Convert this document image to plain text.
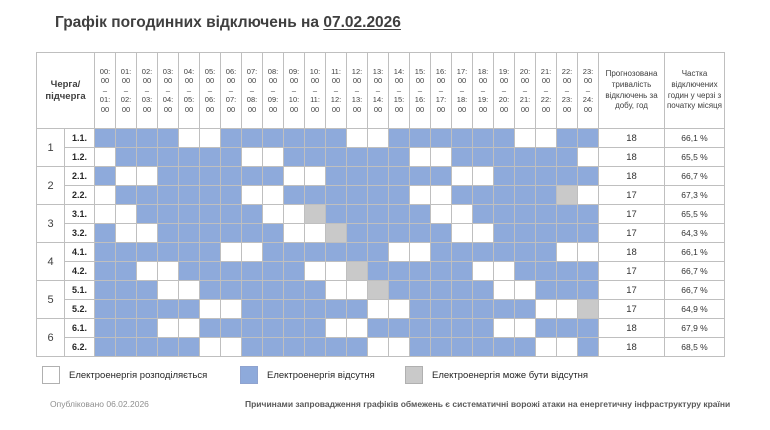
Графік погодинних відключень на 07.02.2026
Черга/
підчерга
	00:
00
–
01:
00	01:
00
–
02:
00	02:
00
–
03:
00	03:
00
–
04:
00	04:
00
–
05:
00	05:
00
–
06:
00	06:
00
–
07:
00	07:
00
–
08:
00	08:
00
–
09:
00	09:
00
–
10:
00	10:
00
–
11:
00	11:
00
–
12:
00	12:
00
–
13:
00	13:
00
–
14:
00	14:
00
–
15:
00	15:
00
–
16:
00	16:
00
–
17:
00	17:
00
–
18:
00	18:
00
–
19:
00	19:
00
–
20:
00	20:
00
–
21:
00	21:
00
–
22:
00	22:
00
–
23:
00	23:
00
–
24:
00	Прогнозована тривалість відключень за добу, год	Частка відключених годин у черзі з початку місяця
1	1.1.																									18	66,1 %
	1.2.																									18	65,5 %
2	2.1.																									18	66,7 %
	2.2.																									17	67,3 %
3	3.1.																									17	65,5 %
	3.2.																									17	64,3 %
4	4.1.																									18	66,1 %
	4.2.																									17	66,7 %
5	5.1.																									17	66,7 %
	5.2.																									17	64,9 %
6	6.1.																									18	67,9 %
	6.2.																									18	68,5 %
Електроенергія розподіляється	Електроенергія відсутня	Електроенергія може бути відсутня
Опубліковано 06.02.2026	Причинами запровадження графіків обмежень є систематичні ворожі атаки на енергетичну інфраструктуру країни
